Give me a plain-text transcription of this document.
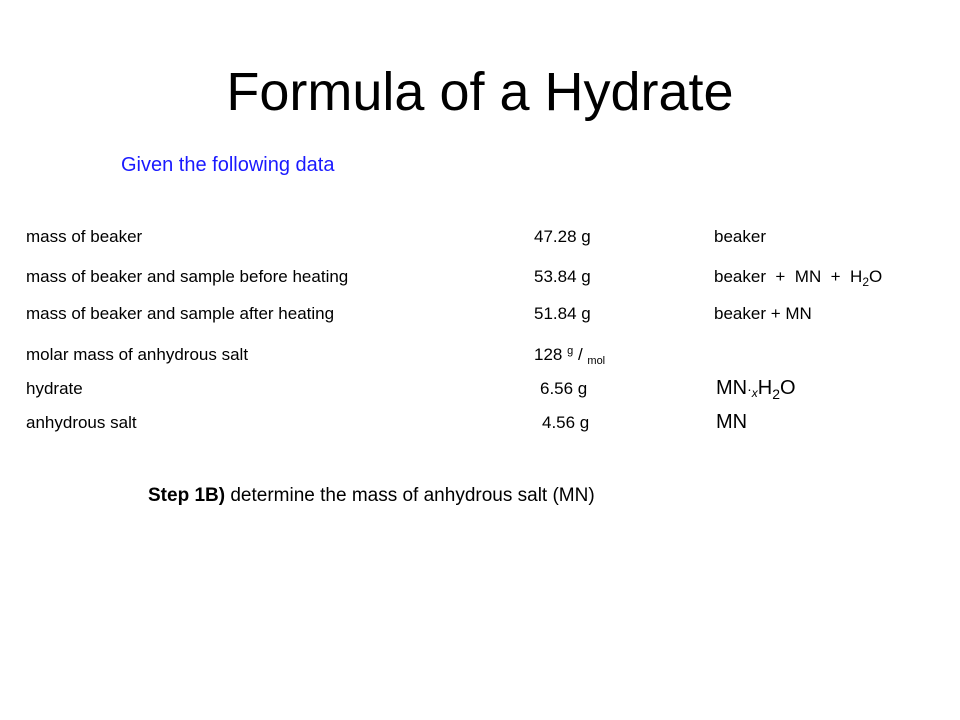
Formula of a Hydrate
Given the following data
mass of beaker	47.28 g	beaker
mass of beaker and sample before heating	53.84 g	beaker  +  MN  +  $H_2O$
mass of beaker and sample after heating	51.84 g	beaker + MN
molar mass of anhydrous salt	128 $^g$ / $_{mol}$
hydrate	6.56 g	$MN\cdot xH_2O$
anhydrous salt	4.56 g	MN
Step 1B) determine the mass of anhydrous salt (MN)
